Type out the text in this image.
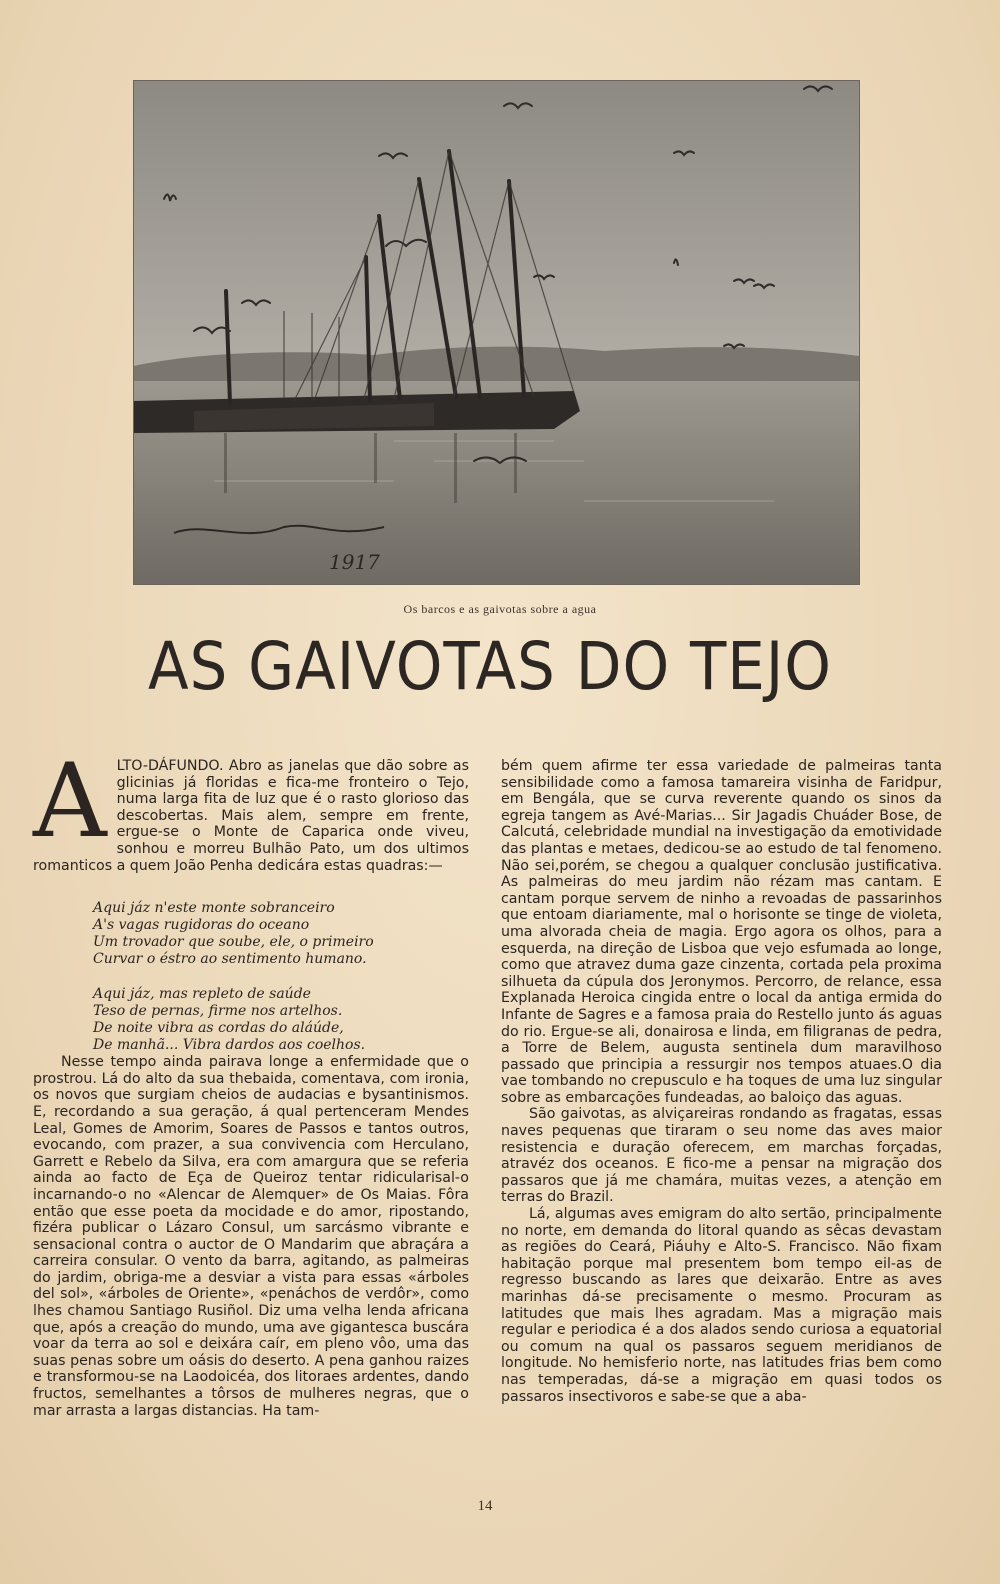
1917
Os barcos e as gaivotas sobre a agua
AS GAIVOTAS DO TEJO
A LTO-DÁFUNDO. Abro as janelas que dão sobre as glicinias já floridas e fica-me fronteiro o Tejo, numa larga fita de luz que é o rasto glorioso das descobertas. Mais alem, sempre em frente, ergue-se o Monte de Caparica onde viveu, sonhou e morreu Bulhão Pato, um dos ultimos romanticos a quem João Penha dedicára estas quadras:—

Aqui jáz n'este monte sobranceiro
A's vagas rugidoras do oceano
Um trovador que soube, ele, o primeiro
Curvar o éstro ao sentimento humano.
Aqui jáz, mas repleto de saúde
Teso de pernas, firme nos artelhos.
De noite vibra as cordas do aláúde,
De manhã... Vibra dardos aos coelhos.

Nesse tempo ainda pairava longe a enfermidade que o prostrou. Lá do alto da sua thebaida, comentava, com ironia, os novos que surgiam cheios de audacias e bysantinismos. E, recordando a sua geração, á qual pertenceram Mendes Leal, Gomes de Amorim, Soares de Passos e tantos outros, evocando, com prazer, a sua convivencia com Herculano, Garrett e Rebelo da Silva, era com amargura que se referia ainda ao facto de Eça de Queiroz tentar ridicularisal-o incarnando-o no «Alencar de Alemquer» de Os Maias. Fôra então que esse poeta da mocidade e do amor, ripostando, fizéra publicar o Lázaro Consul, um sarcásmo vibrante e sensacional contra o auctor de O Mandarim que abraçára a carreira consular. O vento da barra, agitando, as palmeiras do jardim, obriga-me a desviar a vista para essas «árboles del sol», «árboles de Oriente», «penáchos de verdôr», como lhes chamou Santiago Rusiñol. Diz uma velha lenda africana que, após a creação do mundo, uma ave gigantesca buscára voar da terra ao sol e deixára caír, em pleno vôo, uma das suas penas sobre um oásis do deserto. A pena ganhou raizes e transformou-se na Laodoicéa, dos litoraes ardentes, dando fructos, semelhantes a tôrsos de mulheres negras, que o mar arrasta a largas distancias. Ha tam-

bém quem afirme ter essa variedade de palmeiras tanta sensibilidade como a famosa tamareira visinha de Faridpur, em Bengála, que se curva reverente quando os sinos da egreja tangem as Avé-Marias... Sir Jagadis Chuáder Bose, de Calcutá, celebridade mundial na investigação da emotividade das plantas e metaes, dedicou-se ao estudo de tal fenomeno. Não sei,porém, se chegou a qualquer conclusão justificativa. As palmeiras do meu jardim não rézam mas cantam. E cantam porque servem de ninho a revoadas de passarinhos que entoam diariamente, mal o horisonte se tinge de violeta, uma alvorada cheia de magia. Ergo agora os olhos, para a esquerda, na direção de Lisboa que vejo esfumada ao longe, como que atravez duma gaze cinzenta, cortada pela proxima silhueta da cúpula dos Jeronymos. Percorro, de relance, essa Explanada Heroica cingida entre o local da antiga ermida do Infante de Sagres e a famosa praia do Restello junto ás aguas do rio. Ergue-se ali, donairosa e linda, em filigranas de pedra, a Torre de Belem, augusta sentinela dum maravilhoso passado que principia a ressurgir nos tempos atuaes.O dia vae tombando no crepusculo e ha toques de uma luz singular sobre as embarcações fundeadas, ao baloiço das aguas.

São gaivotas, as alviçareiras rondando as fragatas, essas naves pequenas que tiraram o seu nome das aves maior resistencia e duração oferecem, em marchas forçadas, atravéz dos oceanos. E fico-me a pensar na migração dos passaros que já me chamára, muitas vezes, a atenção em terras do Brazil.

Lá, algumas aves emigram do alto sertão, principalmente no norte, em demanda do litoral quando as sêcas devastam as regiões do Ceará, Piáuhy e Alto-S. Francisco. Não fixam habitação porque mal presentem bom tempo eil-as de regresso buscando as lares que deixarão. Entre as aves marinhas dá-se precisamente o mesmo. Procuram as latitudes que mais lhes agradam. Mas a migração mais regular e periodica é a dos alados sendo curiosa a equatorial ou comum na qual os passaros seguem meridianos de longitude. No hemisferio norte, nas latitudes frias bem como nas temperadas, dá-se a migração em quasi todos os passaros insectivoros e sabe-se que a aba-

14
